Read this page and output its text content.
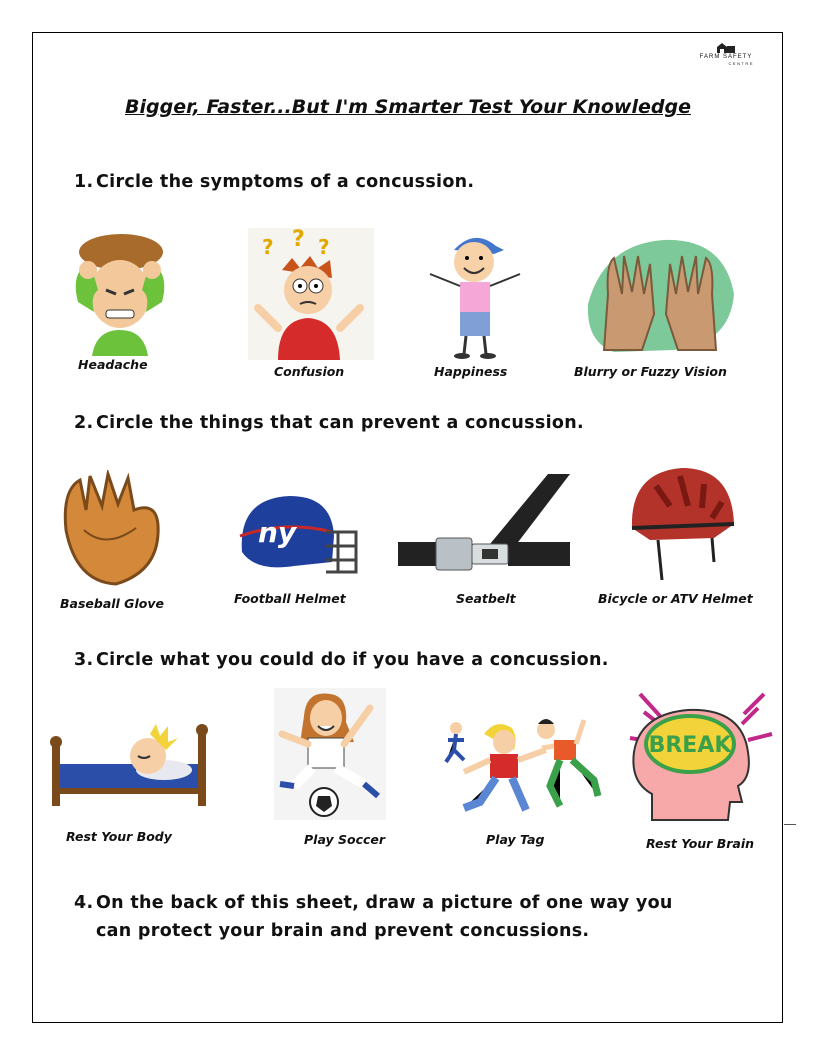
FARM SAFETY
CENTRE
Bigger, Faster...But I'm Smarter Test Your Knowledge
1. Circle the symptoms of a concussion.
Headache
? ? ?
Confusion	Happiness	Blurry or Fuzzy Vision
2. Circle the things that can prevent a concussion.
Baseball Glove
ny
Football Helmet	Seatbelt	Bicycle or ATV Helmet
3. Circle what you could do if you have a concussion.
Rest Your Body	Play Soccer	Play Tag
BREAK
Rest Your Brain
4. On the back of this sheet, draw a picture of one way you
can protect your brain and prevent concussions.
